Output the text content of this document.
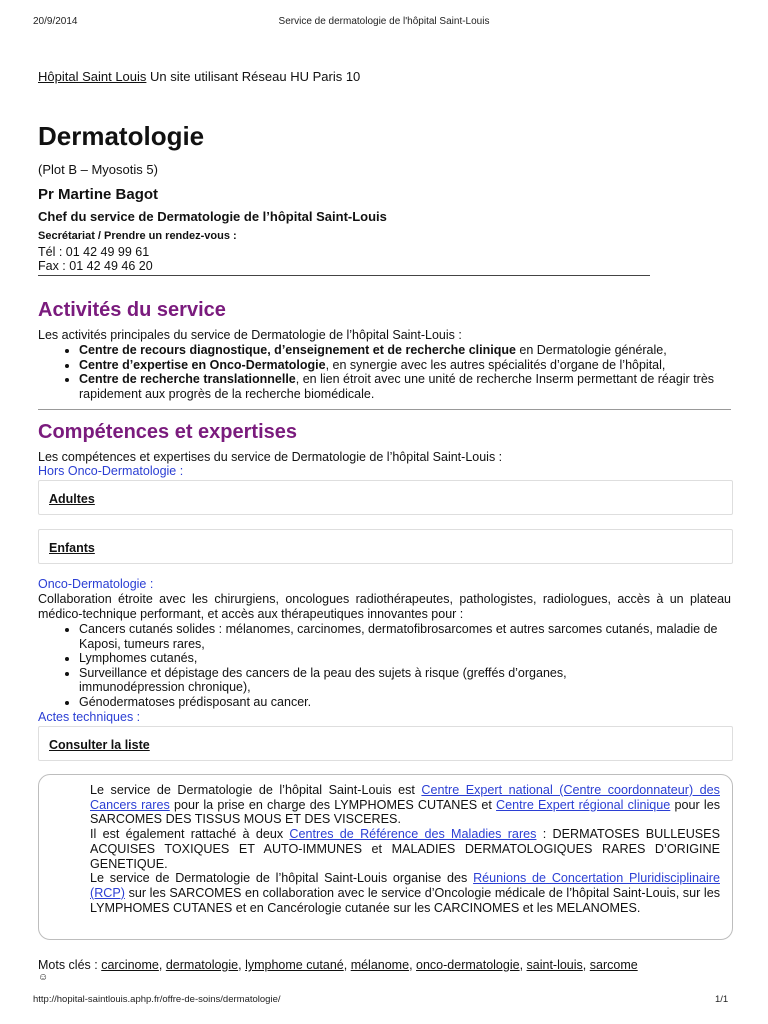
20/9/2014	Service de dermatologie de l'hôpital Saint-Louis
Hôpital Saint Louis Un site utilisant Réseau HU Paris 10
Dermatologie
(Plot B – Myosotis 5)
Pr Martine Bagot
Chef du service de Dermatologie de l’hôpital Saint-Louis
Secrétariat / Prendre un rendez-vous :
Tél : 01 42 49 99 61
Fax : 01 42 49 46 20
Activités du service
Les activités principales du service de Dermatologie de l’hôpital Saint-Louis :
• Centre de recours diagnostique, d’enseignement et de recherche clinique en Dermatologie générale,
• Centre d’expertise en Onco-Dermatologie, en synergie avec les autres spécialités d’organe de l’hôpital,
• Centre de recherche translationnelle, en lien étroit avec une unité de recherche Inserm permettant de réagir très rapidement aux progrès de la recherche biomédicale.
Compétences et expertises
Les compétences et expertises du service de Dermatologie de l’hôpital Saint-Louis :
Hors Onco-Dermatologie :
Adultes
Enfants
Onco-Dermatologie :
Collaboration étroite avec les chirurgiens, oncologues radiothérapeutes, pathologistes, radiologues, accès à un plateau médico-technique performant, et accès aux thérapeutiques innovantes pour :
• Cancers cutanés solides : mélanomes, carcinomes, dermatofibrosarcomes et autres sarcomes cutanés, maladie de Kaposi, tumeurs rares,
• Lymphomes cutanés,
• Surveillance et dépistage des cancers de la peau des sujets à risque (greffés d’organes, immunodépression chronique),
• Génodermatoses prédisposant au cancer.
Actes techniques :
Consulter la liste
Le service de Dermatologie de l’hôpital Saint-Louis est Centre Expert national (Centre coordonnateur) des Cancers rares pour la prise en charge des LYMPHOMES CUTANES et Centre Expert régional clinique pour les SARCOMES DES TISSUS MOUS ET DES VISCERES.
Il est également rattaché à deux Centres de Référence des Maladies rares : DERMATOSES BULLEUSES ACQUISES TOXIQUES ET AUTO-IMMUNES et MALADIES DERMATOLOGIQUES RARES D’ORIGINE GENETIQUE.
Le service de Dermatologie de l’hôpital Saint-Louis organise des Réunions de Concertation Pluridisciplinaire (RCP) sur les SARCOMES en collaboration avec le service d’Oncologie médicale de l’hôpital Saint-Louis, sur les LYMPHOMES CUTANES et en Cancérologie cutanée sur les CARCINOMES et les MELANOMES.
Mots clés : carcinome, dermatologie, lymphome cutané, mélanome, onco-dermatologie, saint-louis, sarcome
☺
http://hopital-saintlouis.aphp.fr/offre-de-soins/dermatologie/	1/1
